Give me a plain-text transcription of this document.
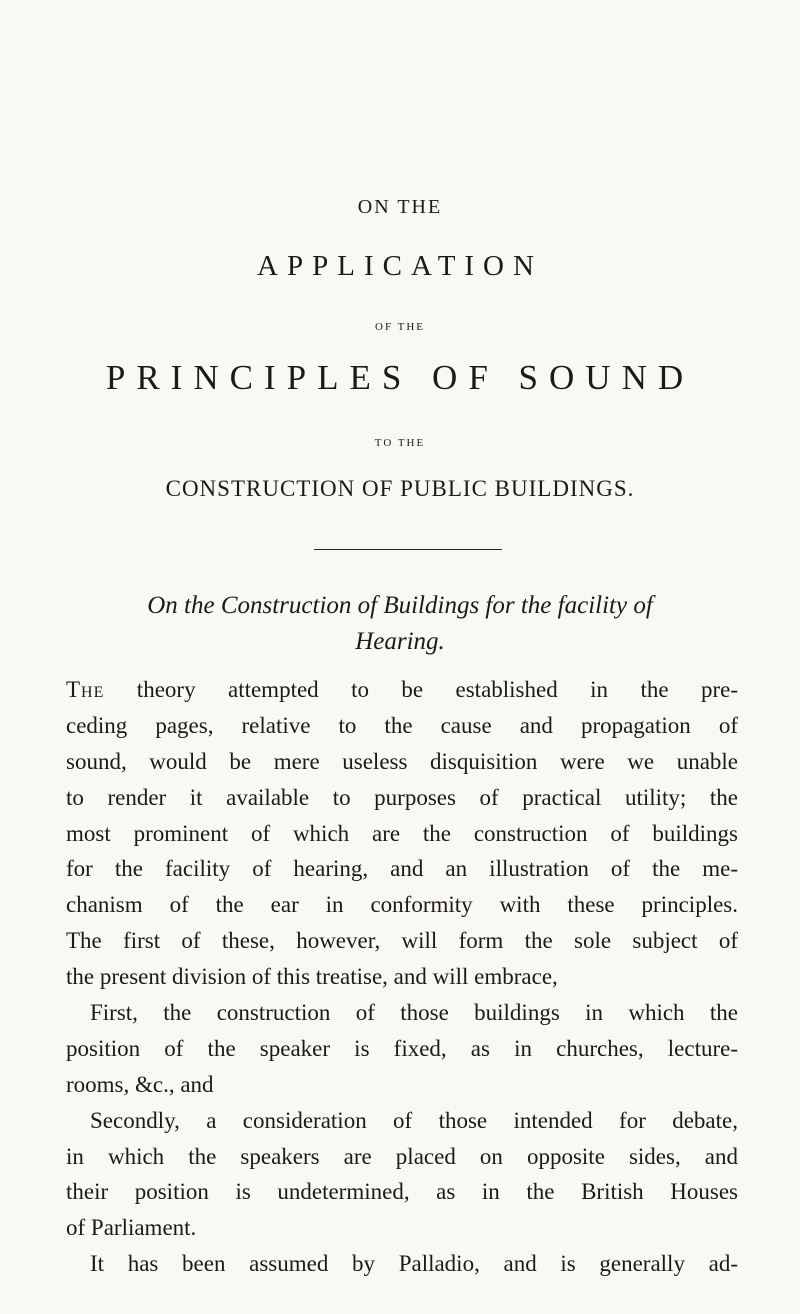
ON THE
APPLICATION
OF THE
PRINCIPLES OF SOUND
TO THE
CONSTRUCTION OF PUBLIC BUILDINGS.
On the Construction of Buildings for the facility of
Hearing.
The theory attempted to be established in the pre-
ceding pages, relative to the cause and propagation of
sound, would be mere useless disquisition were we unable
to render it available to purposes of practical utility; the
most prominent of which are the construction of buildings
for the facility of hearing, and an illustration of the me-
chanism of the ear in conformity with these principles.
The first of these, however, will form the sole subject of
the present division of this treatise, and will embrace,
First, the construction of those buildings in which the
position of the speaker is fixed, as in churches, lecture-
rooms, &c., and
Secondly, a consideration of those intended for debate,
in which the speakers are placed on opposite sides, and
their position is undetermined, as in the British Houses
of Parliament.
It has been assumed by Palladio, and is generally ad-
